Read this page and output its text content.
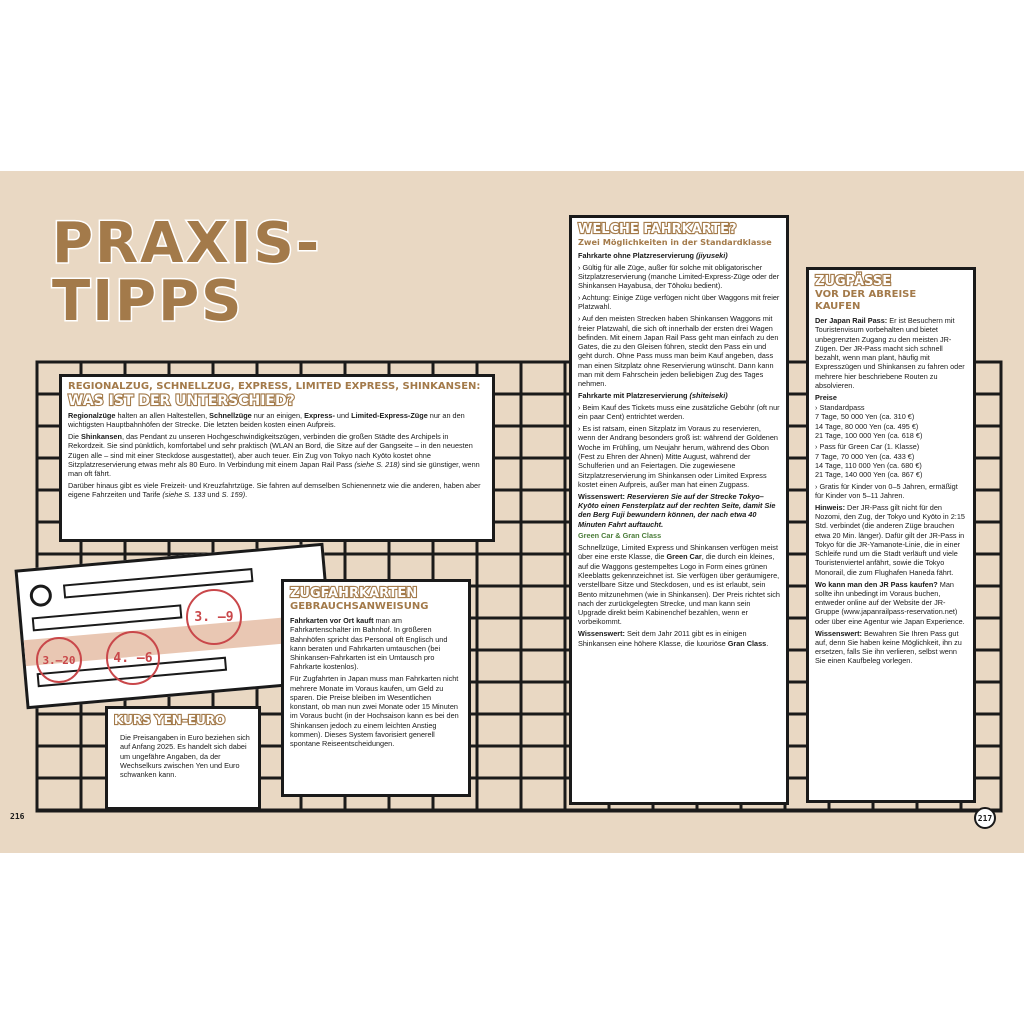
PRAXIS-
TIPPS
3. –9
3.–20	4. –6
REGIONALZUG, SCHNELLZUG, EXPRESS, LIMITED EXPRESS, SHINKANSEN:
WAS IST DER UNTERSCHIED?

Regionalzüge halten an allen Haltestellen, Schnellzüge nur an einigen, Express- und Limited-Express-Züge nur an den wichtigsten Hauptbahnhöfen der Strecke. Die letzten beiden kosten einen Aufpreis.

Die Shinkansen, das Pendant zu unseren Hochgeschwindigkeitszügen, verbinden die großen Städte des Archipels in Rekordzeit. Sie sind pünktlich, komfortabel und sehr praktisch (WLAN an Bord, die Sitze auf der Gangseite – in den neuesten Zügen alle – sind mit einer Steckdose ausgestattet), aber auch teuer. Ein Zug von Tokyo nach Kyōto kostet ohne Sitzplatzreservierung etwas mehr als 80 Euro. In Verbindung mit einem Japan Rail Pass (siehe S. 218) sind sie günstiger, wenn man oft fährt.

Darüber hinaus gibt es viele Freizeit- und Kreuzfahrtzüge. Sie fahren auf demselben Schienennetz wie die anderen, haben aber eigene Fahrzeiten und Tarife (siehe S. 133 und S. 159).

ZUGFAHRKARTEN
GEBRAUCHSANWEISUNG

Fahrkarten vor Ort kauft man am Fahrkartenschalter im Bahnhof. In größeren Bahnhöfen spricht das Personal oft Englisch und kann beraten und Fahrkarten umtauschen (bei Shinkansen-Fahrkarten ist ein Umtausch pro Fahrkarte kostenlos).

Für Zugfahrten in Japan muss man Fahrkarten nicht mehrere Monate im Voraus kaufen, um Geld zu sparen. Die Preise bleiben im Wesentlichen konstant, ob man nun zwei Monate oder 15 Minuten im Voraus bucht (in der Hochsaison kann es bei den Shinkansen jedoch zu einem leichten Anstieg kommen). Dieses System favorisiert generell spontane Reiseentscheidungen.

KURS YEN–EURO

Die Preisangaben in Euro beziehen sich auf Anfang 2025. Es handelt sich dabei um ungefähre Angaben, da der Wechselkurs zwischen Yen und Euro schwanken kann.

WELCHE FAHRKARTE?
Zwei Möglichkeiten in der Standardklasse

Fahrkarte ohne Platzreservierung (jiyuseki)

› Gültig für alle Züge, außer für solche mit obligatorischer Sitzplatzreservierung (manche Limited-Express-Züge oder der Shinkansen Hayabusa, der Tōhoku bedient).

› Achtung: Einige Züge verfügen nicht über Waggons mit freier Platzwahl.

› Auf den meisten Strecken haben Shinkansen Waggons mit freier Platzwahl, die sich oft innerhalb der ersten drei Wagen befinden. Mit einem Japan Rail Pass geht man einfach zu den Gates, die zu den Gleisen führen, steckt den Pass ein und geht durch. Ohne Pass muss man beim Kauf angeben, dass man einen Sitzplatz ohne Reservierung wünscht. Dann kann man mit dem Fahrschein jeden beliebigen Zug des Tages nehmen.

Fahrkarte mit Platzreservierung (shiteiseki)

› Beim Kauf des Tickets muss eine zusätzliche Gebühr (oft nur ein paar Cent) entrichtet werden.

› Es ist ratsam, einen Sitzplatz im Voraus zu reservieren, wenn der Andrang besonders groß ist: während der Goldenen Woche im Frühling, um Neujahr herum, während des Obon (Fest zu Ehren der Ahnen) Mitte August, während der Schulferien und an Feiertagen. Die zugewiesene Sitzplatzreservierung im Shinkansen oder Limited Express kostet einen Aufpreis, außer man hat einen Zugpass.

Wissenswert: Reservieren Sie auf der Strecke Tokyo–Kyōto einen Fensterplatz auf der rechten Seite, damit Sie den Berg Fuji bewundern können, der nach etwa 40 Minuten Fahrt auftaucht.

Green Car & Gran Class

Schnellzüge, Limited Express und Shinkansen verfügen meist über eine erste Klasse, die Green Car, die durch ein kleines, auf die Waggons gestempeltes Logo in Form eines grünen Kleeblatts gekennzeichnet ist. Sie verfügen über geräumigere, verstellbare Sitze und Steckdosen, und es ist erlaubt, sein Bento mitzunehmen (wie in Shinkansen). Der Preis richtet sich nach der zurückgelegten Strecke, und man kann sein Upgrade direkt beim Kabinenchef bezahlen, wenn er vorbeikommt.

Wissenswert: Seit dem Jahr 2011 gibt es in einigen Shinkansen eine höhere Klasse, die luxuriöse Gran Class.

ZUGPÄSSE
VOR DER ABREISE KAUFEN

Der Japan Rail Pass: Er ist Besuchern mit Touristenvisum vorbehalten und bietet unbegrenzten Zugang zu den meisten JR-Zügen. Der JR-Pass macht sich schnell bezahlt, wenn man plant, häufig mit Expresszügen und Shinkansen zu fahren oder mehrere hier beschriebene Routen zu absolvieren.

Preise

› Standardpass
7 Tage, 50 000 Yen (ca. 310 €)
14 Tage, 80 000 Yen (ca. 495 €)
21 Tage, 100 000 Yen (ca. 618 €)
› Pass für Green Car (1. Klasse)
7 Tage, 70 000 Yen (ca. 433 €)
14 Tage, 110 000 Yen (ca. 680 €)
21 Tage, 140 000 Yen (ca. 867 €)

› Gratis für Kinder von 0–5 Jahren, ermäßigt für Kinder von 5–11 Jahren.

Hinweis: Der JR-Pass gilt nicht für den Nozomi, den Zug, der Tokyo und Kyōto in 2:15 Std. verbindet (die anderen Züge brauchen etwa 20 Min. länger). Dafür gilt der JR-Pass in Tokyo für die JR-Yamanote-Linie, die in einer Schleife rund um die Stadt verläuft und viele Touristenviertel anfährt, sowie die Tokyo Monorail, die zum Flughafen Haneda fährt.

Wo kann man den JR Pass kaufen? Man sollte ihn unbedingt im Voraus buchen, entweder online auf der Website der JR-Gruppe (www.japanrailpass-reservation.net) oder über eine Agentur wie Japan Experience.

Wissenswert: Bewahren Sie Ihren Pass gut auf, denn Sie haben keine Möglichkeit, ihn zu ersetzen, falls Sie ihn verlieren, selbst wenn Sie einen Kaufbeleg vorlegen.

216	217
